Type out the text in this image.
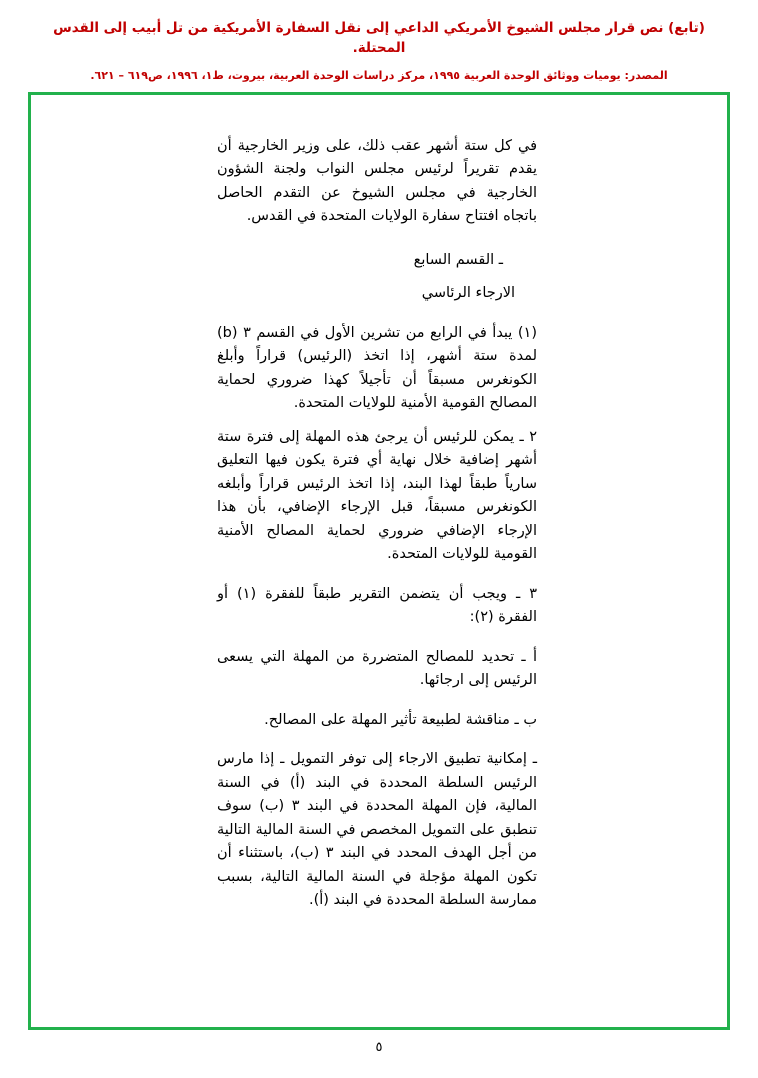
(تابع) نص قرار مجلس الشيوخ الأمريكي الداعي إلى نقل السفارة الأمريكية من تل أبيب إلى القدس المحتلة.
المصدر: يوميات ووثائق الوحدة العربية ١٩٩٥، مركز دراسات الوحدة العربية، بيروت، ط١، ١٩٩٦، ص٦١٩ – ٦٢١.

في كل ستة أشهر عقب ذلك، على وزير الخارجية أن يقدم تقريراً لرئيس مجلس النواب ولجنة الشؤون الخارجية في مجلس الشيوخ عن التقدم الحاصل باتجاه افتتاح سفارة الولايات المتحدة في القدس.

ـ القسم السابع

الارجاء الرئاسي

(١) يبدأ في الرابع من تشرين الأول في القسم ٣ (b) لمدة ستة أشهر، إذا اتخذ (الرئيس) قراراً وأبلغ الكونغرس مسبقاً أن تأجيلاً كهذا ضروري لحماية المصالح القومية الأمنية للولايات المتحدة.

٢ ـ يمكن للرئيس أن يرجئ هذه المهلة إلى فترة ستة أشهر إضافية خلال نهاية أي فترة يكون فيها التعليق سارياً طبقاً لهذا البند، إذا اتخذ الرئيس قراراً وأبلغه الكونغرس مسبقاً، قبل الإرجاء الإضافي، بأن هذا الإرجاء الإضافي ضروري لحماية المصالح الأمنية القومية للولايات المتحدة.

٣ ـ ويجب أن يتضمن التقرير طبقاً للفقرة (١) أو الفقرة (٢):

أ ـ تحديد للمصالح المتضررة من المهلة التي يسعى الرئيس إلى ارجائها.

ب ـ مناقشة لطبيعة تأثير المهلة على المصالح.

ـ إمكانية تطبيق الارجاء إلى توفر التمويل ـ إذا مارس الرئيس السلطة المحددة في البند (أ) في السنة المالية، فإن المهلة المحددة في البند ٣ (ب) سوف تنطبق على التمويل المخصص في السنة المالية التالية من أجل الهدف المحدد في البند ٣ (ب)، باستثناء أن تكون المهلة مؤجلة في السنة المالية التالية، بسبب ممارسة السلطة المحددة في البند (أ).

٥
